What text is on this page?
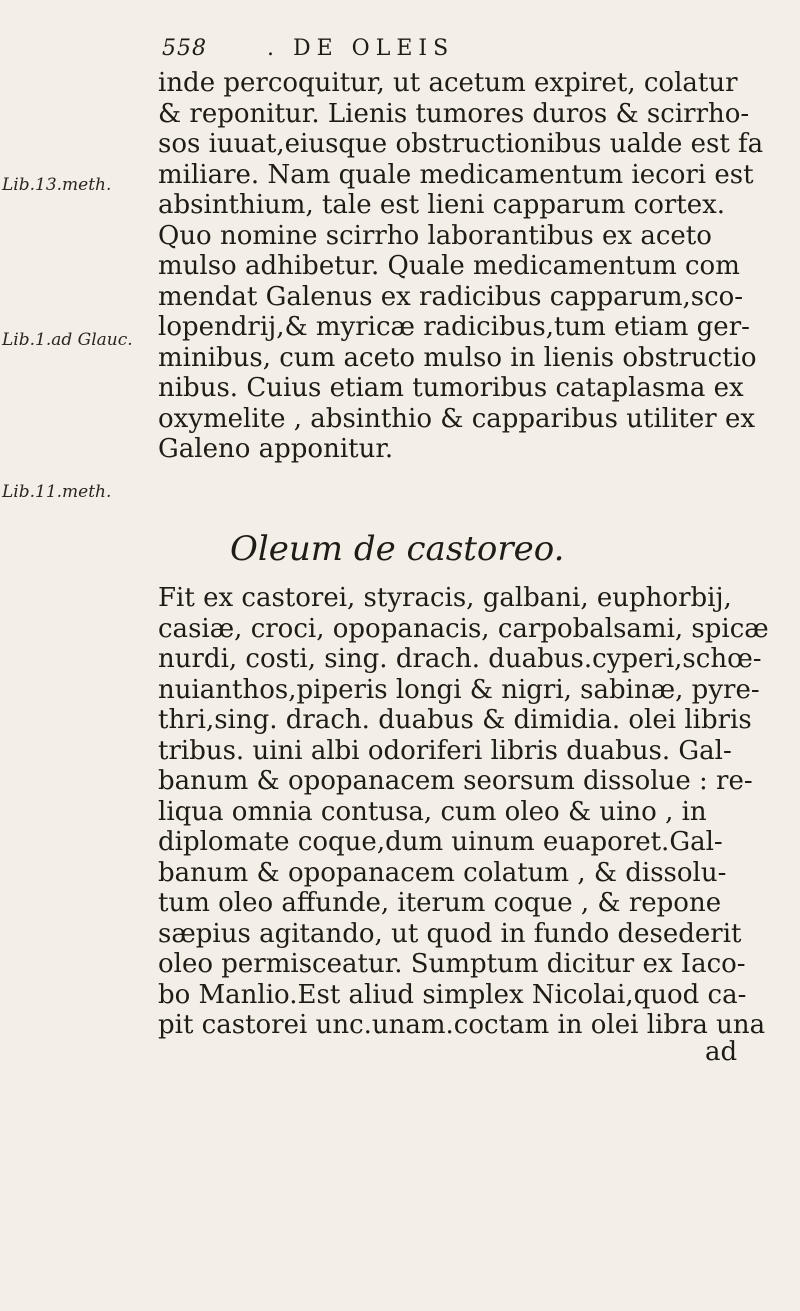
558	. DE OLEIS
Lib.13.meth.
Lib.1.ad Glauc.
Lib.11.meth.
inde percoquitur, ut acetum expiret, colatur
& reponitur. Lienis tumores duros & scirrho-
sos iuuat,eiusque obstructionibus ualde est fa
miliare. Nam quale medicamentum iecori est
absinthium, tale est lieni capparum cortex.
Quo nomine scirrho laborantibus ex aceto
mulso adhibetur. Quale medicamentum com
mendat Galenus ex radicibus capparum,sco-
lopendrij,& myricæ radicibus,tum etiam ger-
minibus, cum aceto mulso in lienis obstructio
nibus. Cuius etiam tumoribus cataplasma ex
oxymelite , absinthio & capparibus utiliter ex
Galeno apponitur.
Oleum de castoreo.
Fit ex castorei, styracis, galbani, euphorbij,
casiæ, croci, opopanacis, carpobalsami, spicæ
nurdi, costi, sing. drach. duabus.cyperi,schœ-
nuianthos,piperis longi & nigri, sabinæ, pyre-
thri,sing. drach. duabus & dimidia. olei libris
tribus. uini albi odoriferi libris duabus. Gal-
banum & opopanacem seorsum dissolue : re-
liqua omnia contusa, cum oleo & uino , in
diplomate coque,dum uinum euaporet.Gal-
banum & opopanacem colatum , & dissolu-
tum oleo affunde, iterum coque , & repone
sæpius agitando, ut quod in fundo desederit
oleo permisceatur. Sumptum dicitur ex Iaco-
bo Manlio.Est aliud simplex Nicolai,quod ca-
pit castorei unc.unam.coctam in olei libra una
ad
